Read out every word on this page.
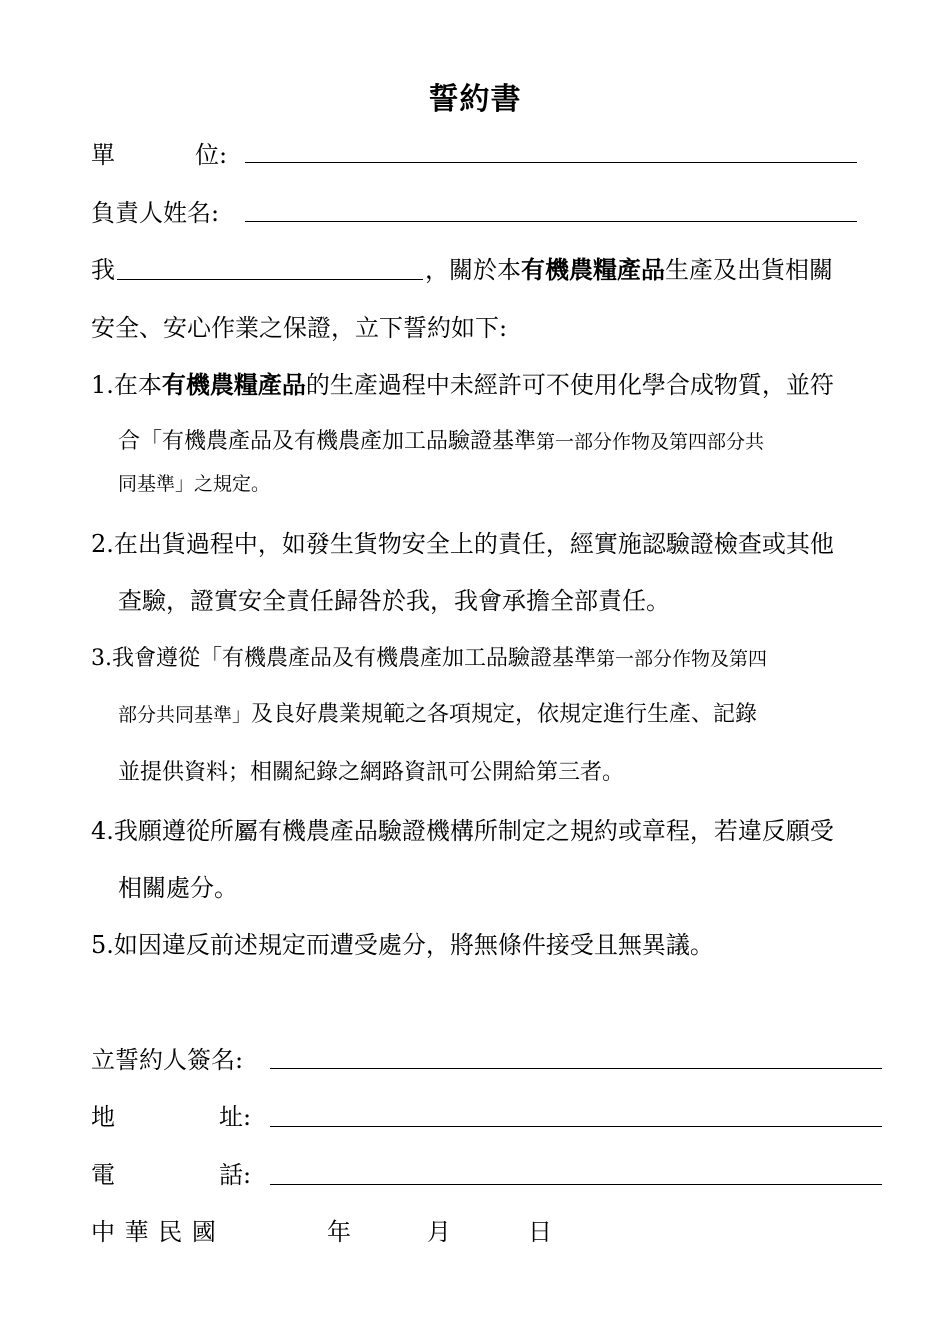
誓約書
單	位:
負責人姓名:
我	，關於本有機農糧產品生產及出貨相關
安全、安心作業之保證，立下誓約如下:
1.在本有機農糧產品的生產過程中未經許可不使用化學合成物質，並符
合「有機農產品及有機農產加工品驗證基準第一部分作物及第四部分共
同基準」之規定。
2.在出貨過程中，如發生貨物安全上的責任，經實施認驗證檢查或其他
查驗，證實安全責任歸咎於我，我會承擔全部責任。
3.我會遵從「有機農產品及有機農產加工品驗證基準第一部分作物及第四
部分共同基準」及良好農業規範之各項規定，依規定進行生產、記錄
並提供資料；相關紀錄之網路資訊可公開給第三者。
4.我願遵從所屬有機農產品驗證機構所制定之規約或章程，若違反願受
相關處分。
5.如因違反前述規定而遭受處分，將無條件接受且無異議。
立誓約人簽名:
地	址:
電	話:
中 華 民 國	年	月	日
